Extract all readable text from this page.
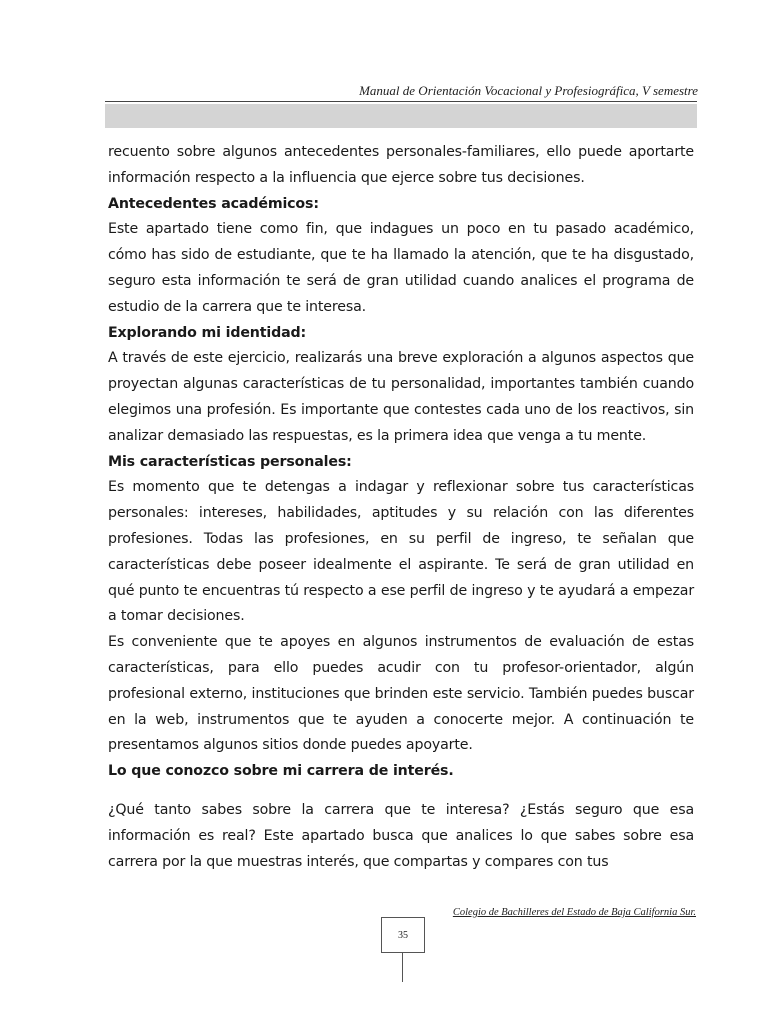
Manual de Orientación Vocacional y Profesiográfica, V semestre

recuento sobre algunos antecedentes personales-familiares, ello puede aportarte información respecto a la influencia que ejerce sobre tus decisiones.

Antecedentes académicos:

Este apartado tiene como fin, que indagues un poco en tu pasado académico, cómo has sido de estudiante, que te ha llamado la atención, que te ha disgustado, seguro esta información te será de gran utilidad cuando analices el programa de estudio de la carrera que te interesa.

Explorando mi identidad:

A través de este ejercicio, realizarás una breve exploración a algunos aspectos que proyectan algunas características de tu personalidad, importantes también cuando elegimos una profesión. Es importante que contestes cada uno de los reactivos, sin analizar demasiado las respuestas, es la primera idea que venga a tu mente.

Mis características personales:

Es momento que te detengas a indagar y reflexionar sobre tus características personales: intereses, habilidades, aptitudes y su relación con las diferentes profesiones. Todas las profesiones, en su perfil de ingreso, te señalan que características debe poseer idealmente el aspirante. Te será de gran utilidad en qué punto te encuentras tú respecto a ese perfil de ingreso y te ayudará a empezar a tomar decisiones.

Es conveniente que te apoyes en algunos instrumentos de evaluación de estas características, para ello puedes acudir con tu profesor-orientador, algún profesional externo, instituciones que brinden este servicio. También puedes buscar en la web, instrumentos que te ayuden a conocerte mejor. A continuación te presentamos algunos sitios donde puedes apoyarte.

Lo que conozco sobre mi carrera de interés.

¿Qué tanto sabes sobre la carrera que te interesa? ¿Estás seguro que esa información es real? Este apartado busca que analices lo que sabes sobre esa carrera por la que muestras interés, que compartas y compares con tus

Colegio de Bachilleres del Estado de Baja California Sur.
35
